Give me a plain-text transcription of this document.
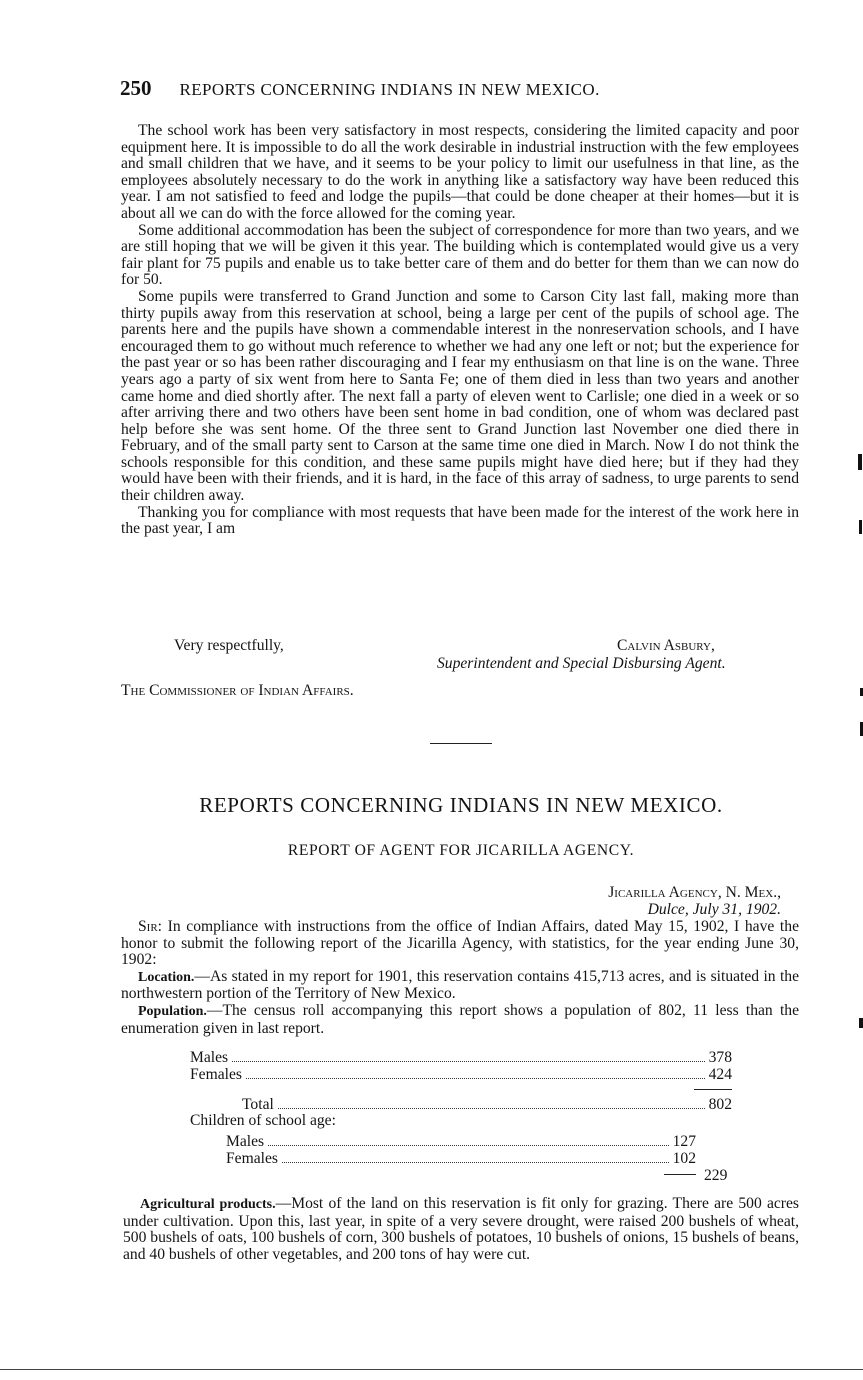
250 REPORTS CONCERNING INDIANS IN NEW MEXICO.

The school work has been very satisfactory in most respects, considering the limited capacity and poor equipment here. It is impossible to do all the work desirable in industrial instruction with the few employees and small children that we have, and it seems to be your policy to limit our usefulness in that line, as the employees absolutely necessary to do the work in anything like a satisfactory way have been reduced this year. I am not satisfied to feed and lodge the pupils—that could be done cheaper at their homes—but it is about all we can do with the force allowed for the coming year.

Some additional accommodation has been the subject of correspondence for more than two years, and we are still hoping that we will be given it this year. The building which is contemplated would give us a very fair plant for 75 pupils and enable us to take better care of them and do better for them than we can now do for 50.

Some pupils were transferred to Grand Junction and some to Carson City last fall, making more than thirty pupils away from this reservation at school, being a large per cent of the pupils of school age. The parents here and the pupils have shown a commendable interest in the nonreservation schools, and I have encouraged them to go without much reference to whether we had any one left or not; but the experience for the past year or so has been rather discouraging and I fear my enthusiasm on that line is on the wane. Three years ago a party of six went from here to Santa Fe; one of them died in less than two years and another came home and died shortly after. The next fall a party of eleven went to Carlisle; one died in a week or so after arriving there and two others have been sent home in bad condition, one of whom was declared past help before she was sent home. Of the three sent to Grand Junction last November one died there in February, and of the small party sent to Carson at the same time one died in March. Now I do not think the schools responsible for this condition, and these same pupils might have died here; but if they had they would have been with their friends, and it is hard, in the face of this array of sadness, to urge parents to send their children away.

Thanking you for compliance with most requests that have been made for the interest of the work here in the past year, I am

Very respectfully,	Calvin Asbury,
Superintendent and Special Disbursing Agent.
The Commissioner of Indian Affairs.
REPORTS CONCERNING INDIANS IN NEW MEXICO.
REPORT OF AGENT FOR JICARILLA AGENCY.
Jicarilla Agency, N. Mex.,
Dulce, July 31, 1902.

Sir: In compliance with instructions from the office of Indian Affairs, dated May 15, 1902, I have the honor to submit the following report of the Jicarilla Agency, with statistics, for the year ending June 30, 1902:

Location.—As stated in my report for 1901, this reservation contains 415,713 acres, and is situated in the northwestern portion of the Territory of New Mexico.

Population.—The census roll accompanying this report shows a population of 802, 11 less than the enumeration given in last report.

Males	378
Females	424
Total	802
Children of school age:
Males	127
Females	102
229

Agricultural products.—Most of the land on this reservation is fit only for grazing. There are 500 acres under cultivation. Upon this, last year, in spite of a very severe drought, were raised 200 bushels of wheat, 500 bushels of oats, 100 bushels of corn, 300 bushels of potatoes, 10 bushels of onions, 15 bushels of beans, and 40 bushels of other vegetables, and 200 tons of hay were cut.
